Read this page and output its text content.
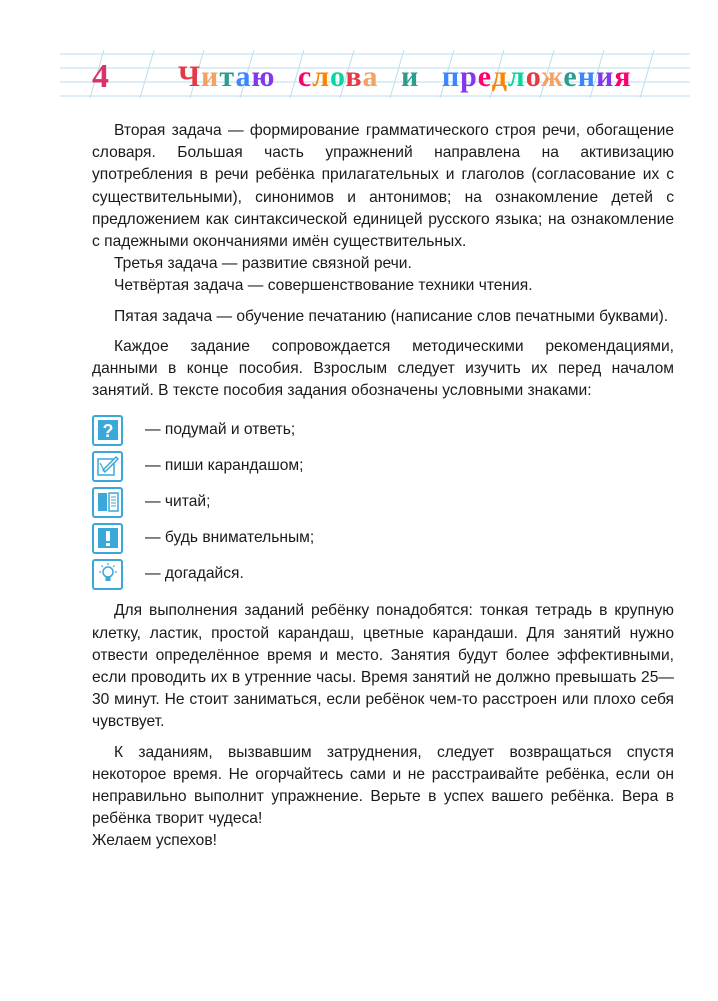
4 Читаю слова и предложения

Вторая задача — формирование грамматического строя речи, обогащение словаря. Большая часть упражнений направлена на активизацию употребления в речи ребёнка прилагательных и глаголов (согласование их с существительными), синонимов и антонимов; на ознакомление детей с предложением как синтаксической единицей русского языка; на ознакомление с падежными окончаниями имён существительных.

Третья задача — развитие связной речи.

Четвёртая задача — совершенствование техники чтения.

Пятая задача — обучение печатанию (написание слов печатными буквами).

Каждое задание сопровождается методическими рекомендациями, данными в конце пособия. Взрослым следует изучить их перед началом занятий. В тексте пособия задания обозначены условными знаками:

? — подумай и ответь;
— пиши карандашом;
— читай;
— будь внимательным;
— догадайся.

Для выполнения заданий ребёнку понадобятся: тонкая тетрадь в крупную клетку, ластик, простой карандаш, цветные карандаши. Для занятий нужно отвести определённое время и место. Занятия будут более эффективными, если проводить их в утренние часы. Время занятий не должно превышать 25—30 минут. Не стоит заниматься, если ребёнок чем-то расстроен или плохо себя чувствует.

К заданиям, вызвавшим затруднения, следует возвращаться спустя некоторое время. Не огорчайтесь сами и не расстраивайте ребёнка, если он неправильно выполнит упражнение. Верьте в успех вашего ребёнка. Вера в ребёнка творит чудеса!

Желаем успехов!
